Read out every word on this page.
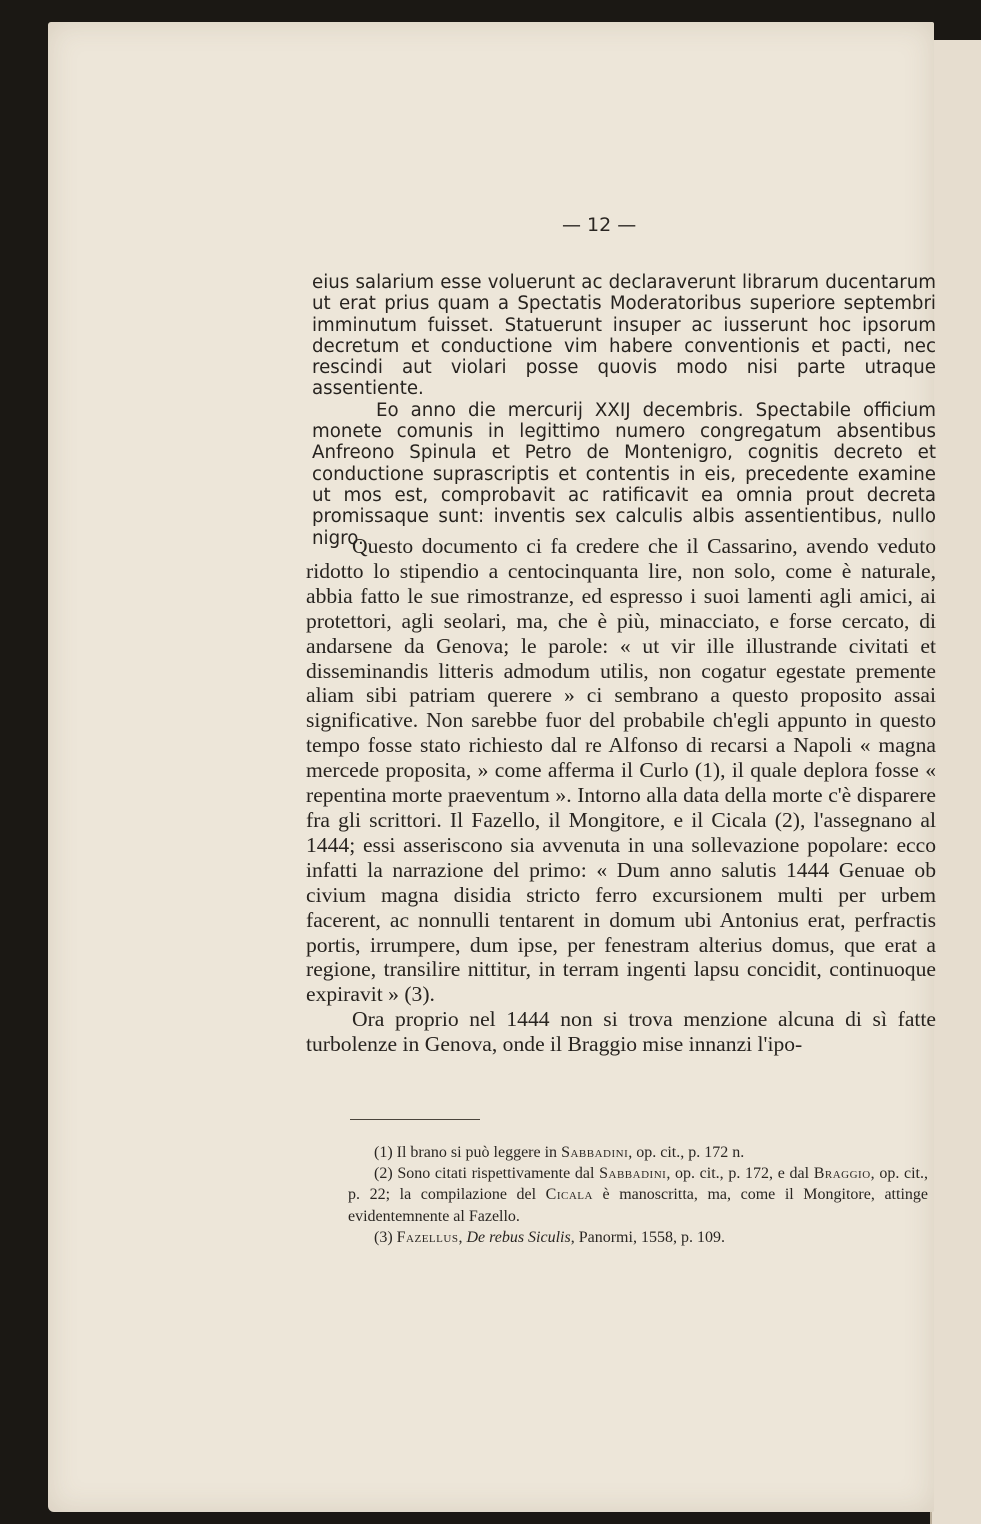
— 12 —

eius salarium esse voluerunt ac declaraverunt librarum ducentarum ut erat prius quam a Spectatis Moderatoribus superiore septembri imminutum fuisset. Statuerunt insuper ac iusserunt hoc ipsorum decretum et conductione vim habere conventionis et pacti, nec rescindi aut violari posse quovis modo nisi parte utraque assentiente.

Eo anno die mercurij XXIJ decembris. Spectabile officium monete comunis in legittimo numero congregatum absentibus Anfreono Spinula et Petro de Montenigro, cognitis decreto et conductione suprascriptis et contentis in eis, precedente examine ut mos est, comprobavit ac ratificavit ea omnia prout decreta promissaque sunt: inventis sex calculis albis assentientibus, nullo nigro.

Questo documento ci fa credere che il Cassarino, avendo veduto ridotto lo stipendio a centocinquanta lire, non solo, come è naturale, abbia fatto le sue rimostranze, ed espresso i suoi lamenti agli amici, ai protettori, agli seolari, ma, che è più, minacciato, e forse cercato, di andarsene da Genova; le parole: « ut vir ille illustrande civitati et disseminandis litteris admodum utilis, non cogatur egestate premente aliam sibi patriam querere » ci sembrano a questo proposito assai significative. Non sarebbe fuor del probabile ch'egli appunto in questo tempo fosse stato richiesto dal re Alfonso di recarsi a Napoli « magna mercede proposita, » come afferma il Curlo (1), il quale deplora fosse « repentina morte praeventum ». Intorno alla data della morte c'è disparere fra gli scrittori. Il Fazello, il Mongitore, e il Cicala (2), l'assegnano al 1444; essi asseriscono sia avvenuta in una sollevazione popolare: ecco infatti la narrazione del primo: « Dum anno salutis 1444 Genuae ob civium magna disidia stricto ferro excursionem multi per urbem facerent, ac nonnulli tentarent in domum ubi Antonius erat, perfractis portis, irrumpere, dum ipse, per fenestram alterius domus, que erat a regione, transilire nittitur, in terram ingenti lapsu concidit, continuoque expiravit » (3).

Ora proprio nel 1444 non si trova menzione alcuna di sì fatte turbolenze in Genova, onde il Braggio mise innanzi l'ipo-

(1) Il brano si può leggere in Sabbadini, op. cit., p. 172 n.

(2) Sono citati rispettivamente dal Sabbadini, op. cit., p. 172, e dal Braggio, op. cit., p. 22; la compilazione del Cicala è manoscritta, ma, come il Mongitore, attinge evidentemnente al Fazello.

(3) Fazellus, De rebus Siculis, Panormi, 1558, p. 109.
